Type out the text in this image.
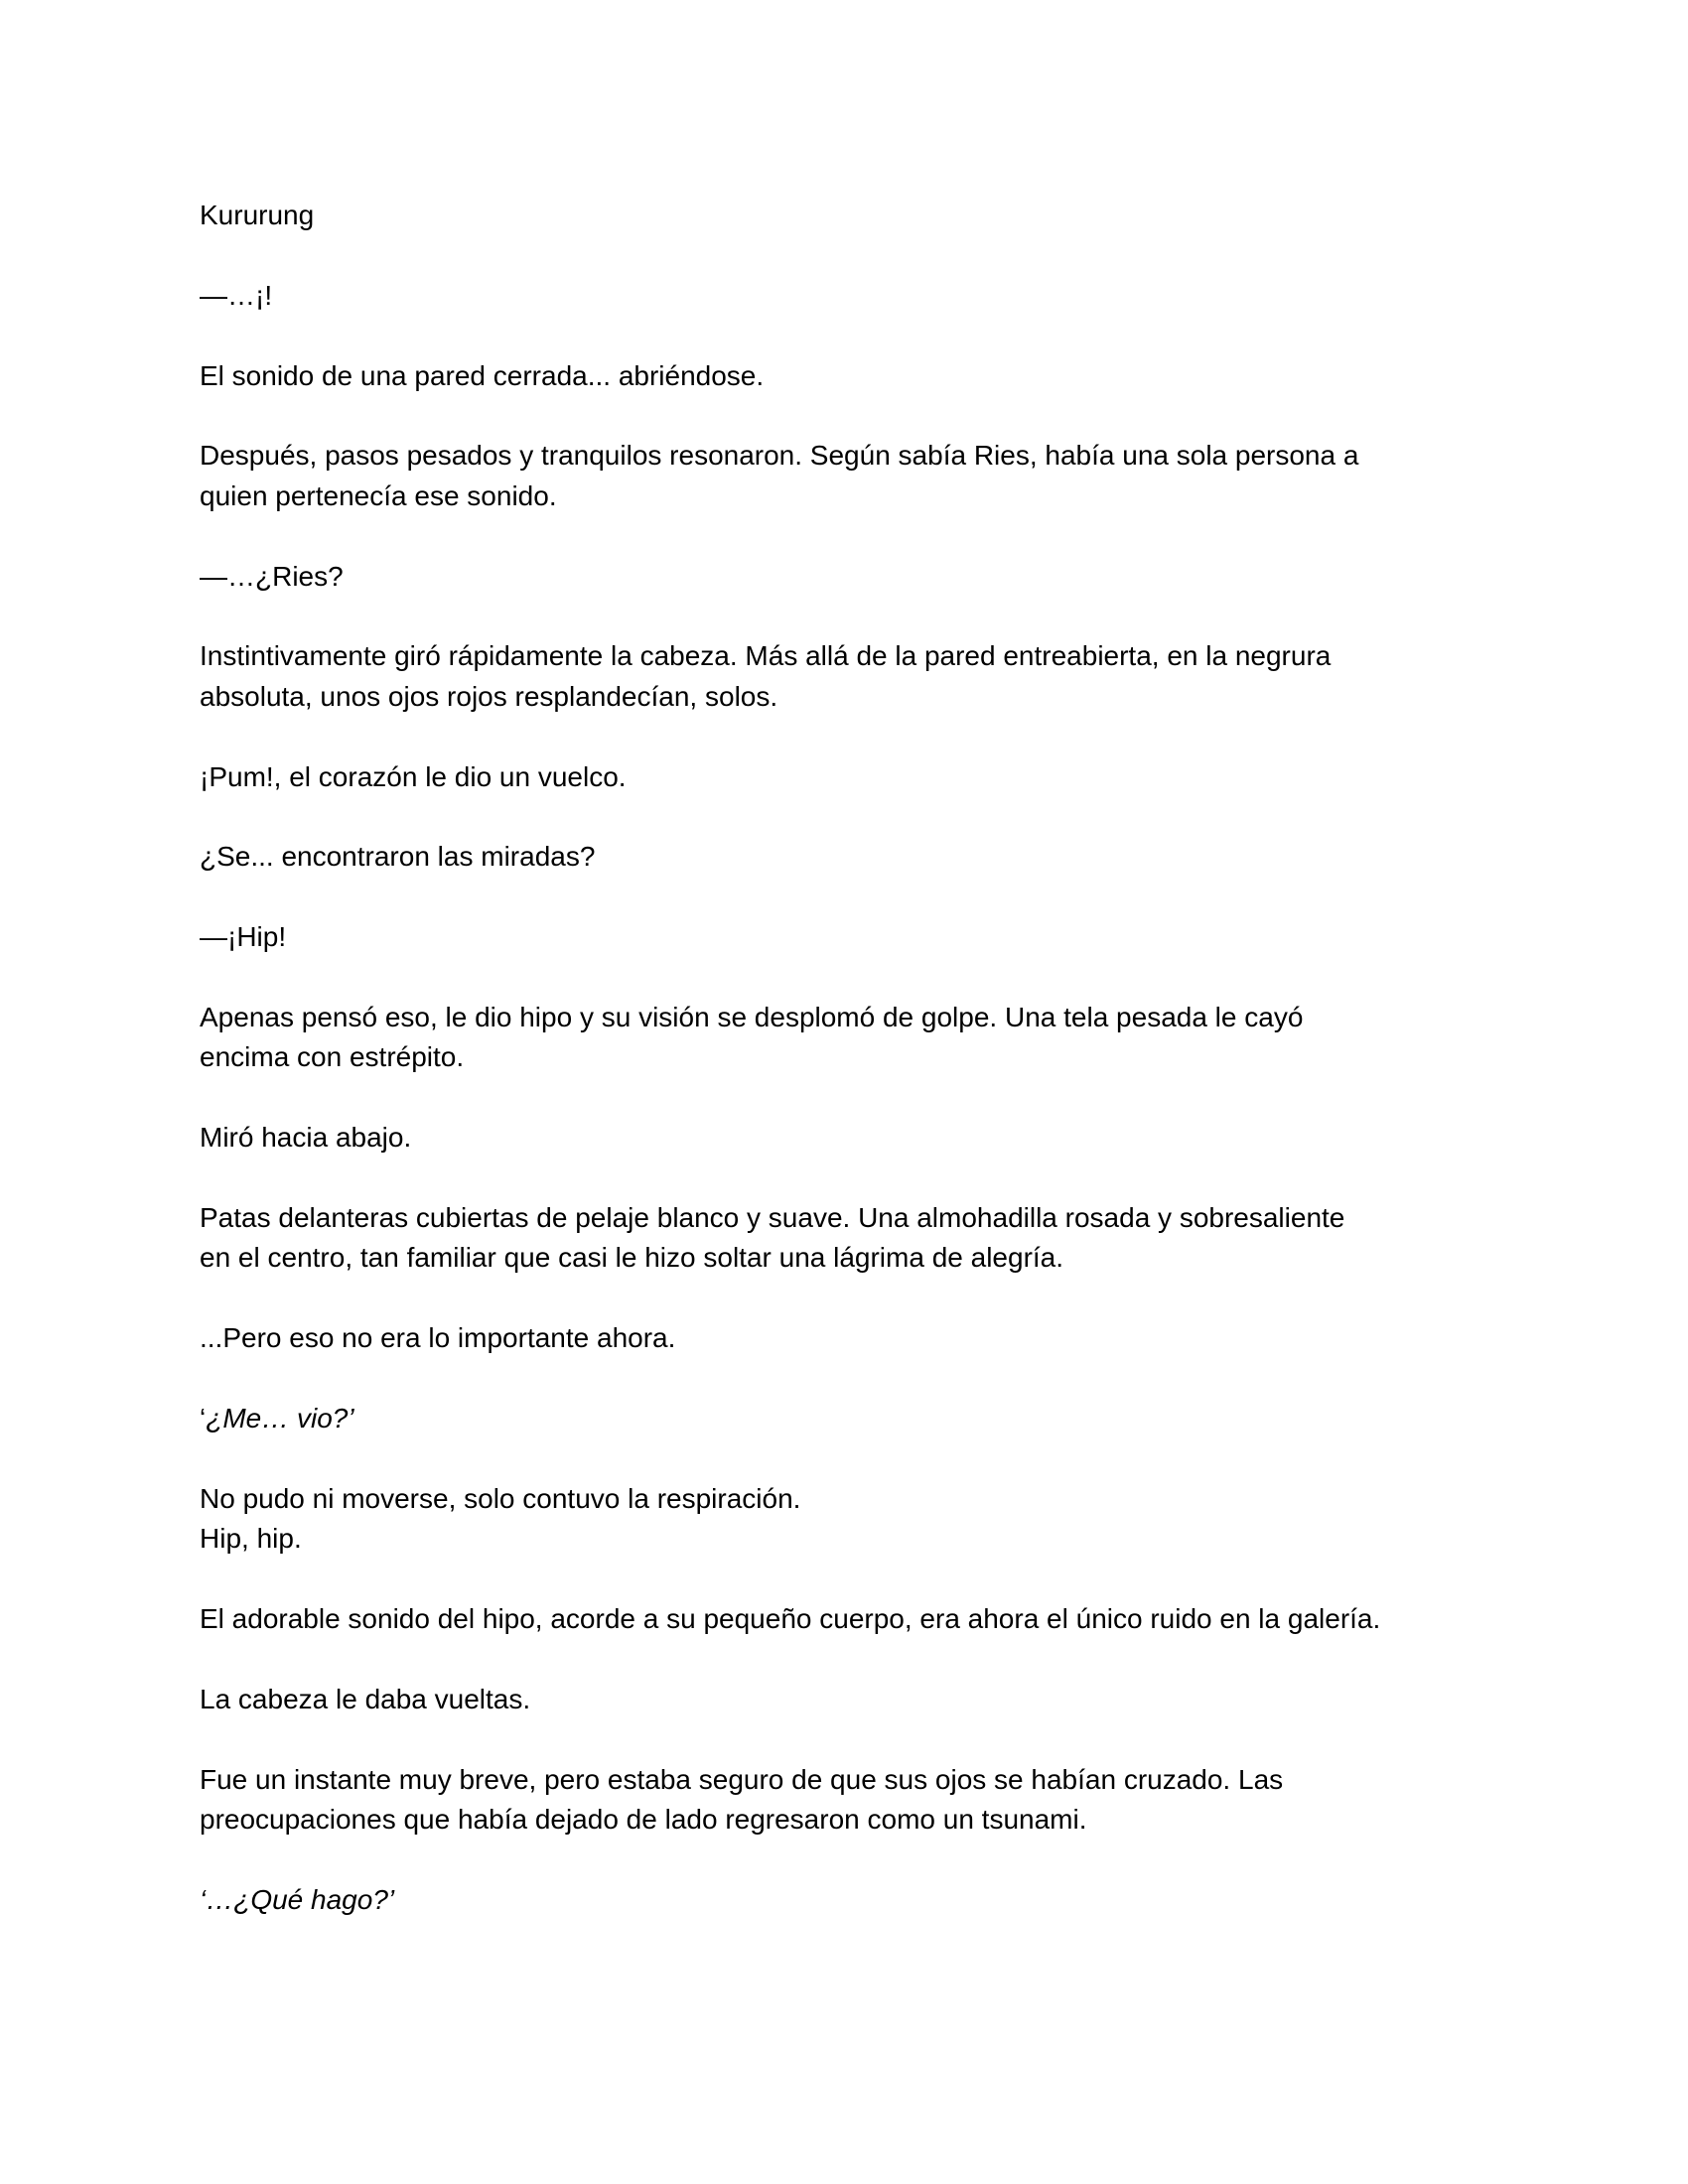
Kururung

—…¡!

El sonido de una pared cerrada... abriéndose.

Después, pasos pesados y tranquilos resonaron. Según sabía Ries, había una sola persona a
quien pertenecía ese sonido.

—…¿Ries?

Instintivamente giró rápidamente la cabeza. Más allá de la pared entreabierta, en la negrura
absoluta, unos ojos rojos resplandecían, solos.

¡Pum!, el corazón le dio un vuelco.

¿Se... encontraron las miradas?

—¡Hip!

Apenas pensó eso, le dio hipo y su visión se desplomó de golpe. Una tela pesada le cayó
encima con estrépito.

Miró hacia abajo.

Patas delanteras cubiertas de pelaje blanco y suave. Una almohadilla rosada y sobresaliente
en el centro, tan familiar que casi le hizo soltar una lágrima de alegría.

...Pero eso no era lo importante ahora.

‘¿Me… vio?’

No pudo ni moverse, solo contuvo la respiración.
Hip, hip.

El adorable sonido del hipo, acorde a su pequeño cuerpo, era ahora el único ruido en la galería.

La cabeza le daba vueltas.

Fue un instante muy breve, pero estaba seguro de que sus ojos se habían cruzado. Las
preocupaciones que había dejado de lado regresaron como un tsunami.

‘…¿Qué hago?’
